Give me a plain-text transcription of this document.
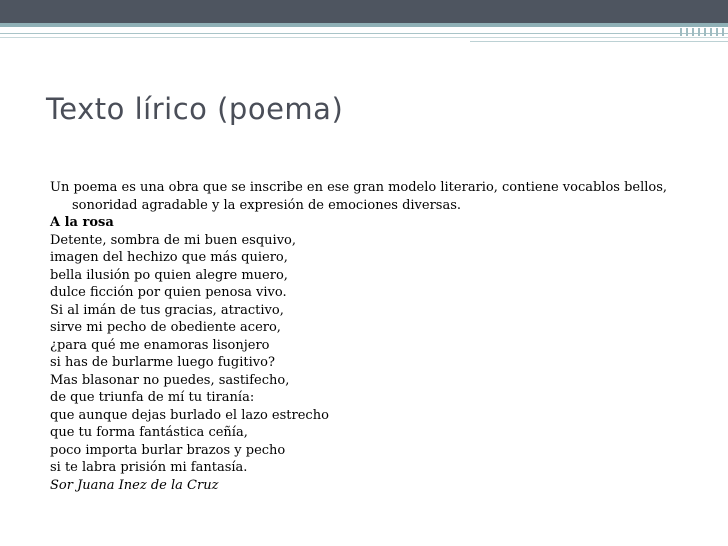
Texto lírico (poema)

Un poema es una obra que se inscribe en ese gran modelo literario, contiene vocablos bellos, sonoridad agradable y la expresión de emociones diversas.

A la rosa

Detente, sombra de mi buen esquivo,

imagen del hechizo que más quiero,

bella ilusión po quien alegre muero,

dulce ficción por quien penosa vivo.

Si al imán de tus gracias, atractivo,

sirve mi pecho de obediente acero,

¿para qué me enamoras lisonjero

si has de burlarme luego fugitivo?

Mas blasonar no puedes, sastifecho,

de que triunfa de mí tu tiranía:

que aunque dejas burlado el lazo estrecho

que tu forma fantástica ceñía,

poco importa burlar brazos y pecho

si te labra prisión mi fantasía.

Sor Juana Inez de la Cruz
